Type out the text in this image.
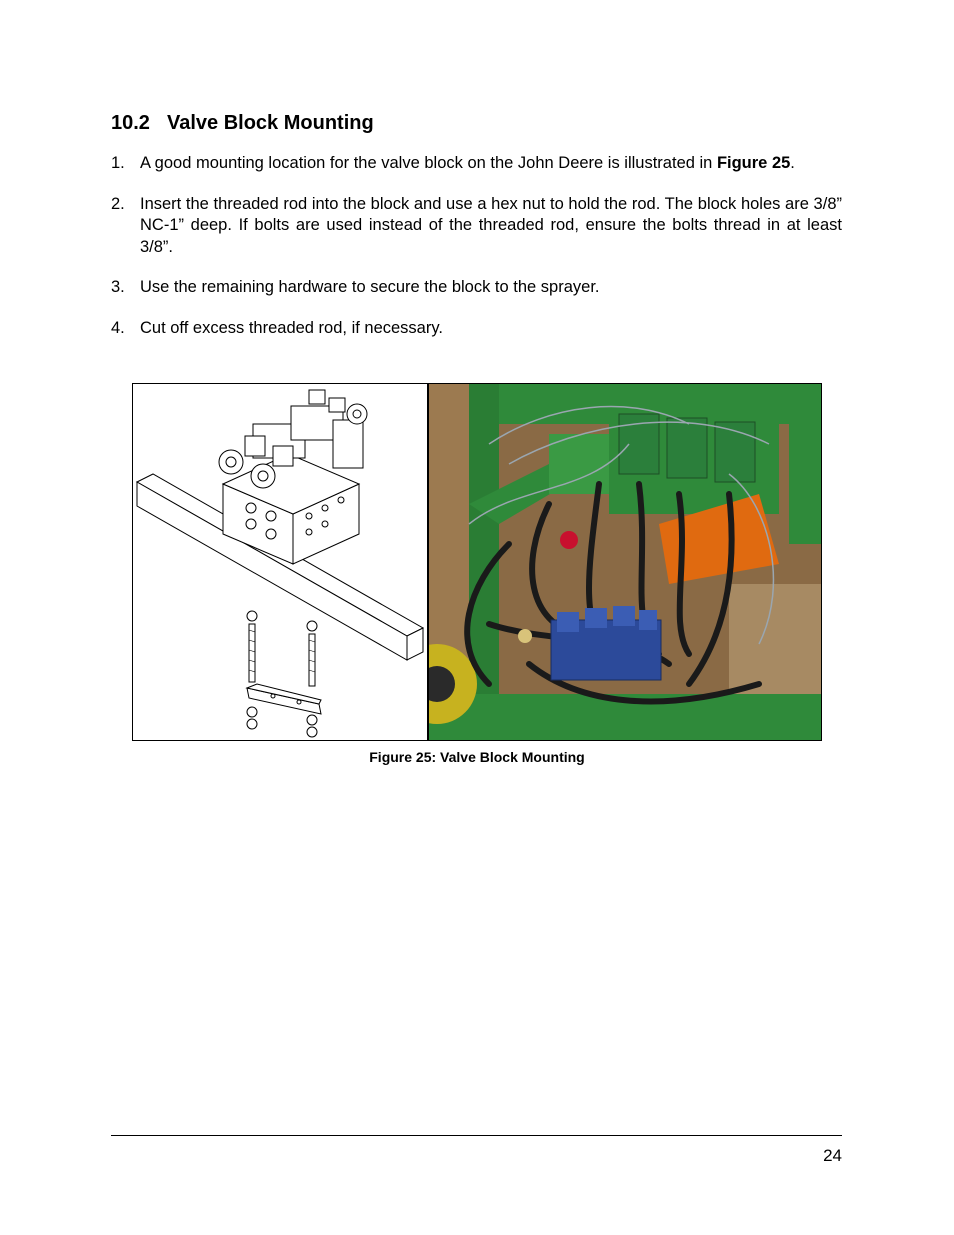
10.2 Valve Block Mounting
1. A good mounting location for the valve block on the John Deere is illustrated in Figure 25.
2. Insert the threaded rod into the block and use a hex nut to hold the rod. The block holes are 3/8” NC-1” deep. If bolts are used instead of the threaded rod, ensure the bolts thread in at least 3/8”.
3. Use the remaining hardware to secure the block to the sprayer.
4. Cut off excess threaded rod, if necessary.
Figure 25: Valve Block Mounting
24
